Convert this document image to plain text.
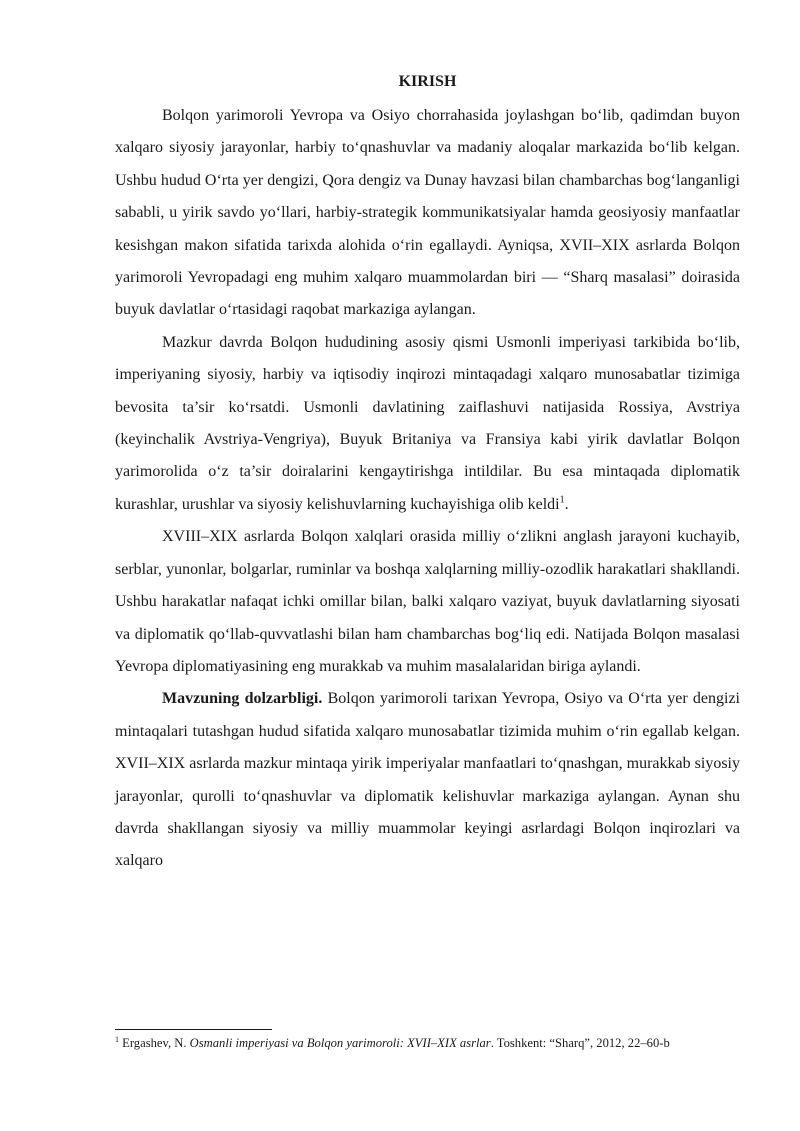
KIRISH

Bolqon yarimoroli Yevropa va Osiyo chorrahasida joylashgan bo‘lib, qadimdan buyon xalqaro siyosiy jarayonlar, harbiy to‘qnashuvlar va madaniy aloqalar markazida bo‘lib kelgan. Ushbu hudud O‘rta yer dengizi, Qora dengiz va Dunay havzasi bilan chambarchas bog‘langanligi sababli, u yirik savdo yo‘llari, harbiy-strategik kommunikatsiyalar hamda geosiyosiy manfaatlar kesishgan makon sifatida tarixda alohida o‘rin egallaydi. Ayniqsa, XVII–XIX asrlarda Bolqon yarimoroli Yevropadagi eng muhim xalqaro muammolardan biri — “Sharq masalasi” doirasida buyuk davlatlar o‘rtasidagi raqobat markaziga aylangan.

Mazkur davrda Bolqon hududining asosiy qismi Usmonli imperiyasi tarkibida bo‘lib, imperiyaning siyosiy, harbiy va iqtisodiy inqirozi mintaqadagi xalqaro munosabatlar tizimiga bevosita ta’sir ko‘rsatdi. Usmonli davlatining zaiflashuvi natijasida Rossiya, Avstriya (keyinchalik Avstriya-Vengriya), Buyuk Britaniya va Fransiya kabi yirik davlatlar Bolqon yarimorolida o‘z ta’sir doiralarini kengaytirishga intildilar. Bu esa mintaqada diplomatik kurashlar, urushlar va siyosiy kelishuvlarning kuchayishiga olib keldi$^1$.

XVIII–XIX asrlarda Bolqon xalqlari orasida milliy o‘zlikni anglash jarayoni kuchayib, serblar, yunonlar, bolgarlar, ruminlar va boshqa xalqlarning milliy-ozodlik harakatlari shakllandi. Ushbu harakatlar nafaqat ichki omillar bilan, balki xalqaro vaziyat, buyuk davlatlarning siyosati va diplomatik qo‘llab-quvvatlashi bilan ham chambarchas bog‘liq edi. Natijada Bolqon masalasi Yevropa diplomatiyasining eng murakkab va muhim masalalaridan biriga aylandi.

Mavzuning dolzarbligi. Bolqon yarimoroli tarixan Yevropa, Osiyo va O‘rta yer dengizi mintaqalari tutashgan hudud sifatida xalqaro munosabatlar tizimida muhim o‘rin egallab kelgan. XVII–XIX asrlarda mazkur mintaqa yirik imperiyalar manfaatlari to‘qnashgan, murakkab siyosiy jarayonlar, qurolli to‘qnashuvlar va diplomatik kelishuvlar markaziga aylangan. Aynan shu davrda shakllangan siyosiy va milliy muammolar keyingi asrlardagi Bolqon inqirozlari va xalqaro

$^1$ Ergashev, N. Osmanli imperiyasi va Bolqon yarimoroli: XVII–XIX asrlar. Toshkent: “Sharq”, 2012, 22–60-b
